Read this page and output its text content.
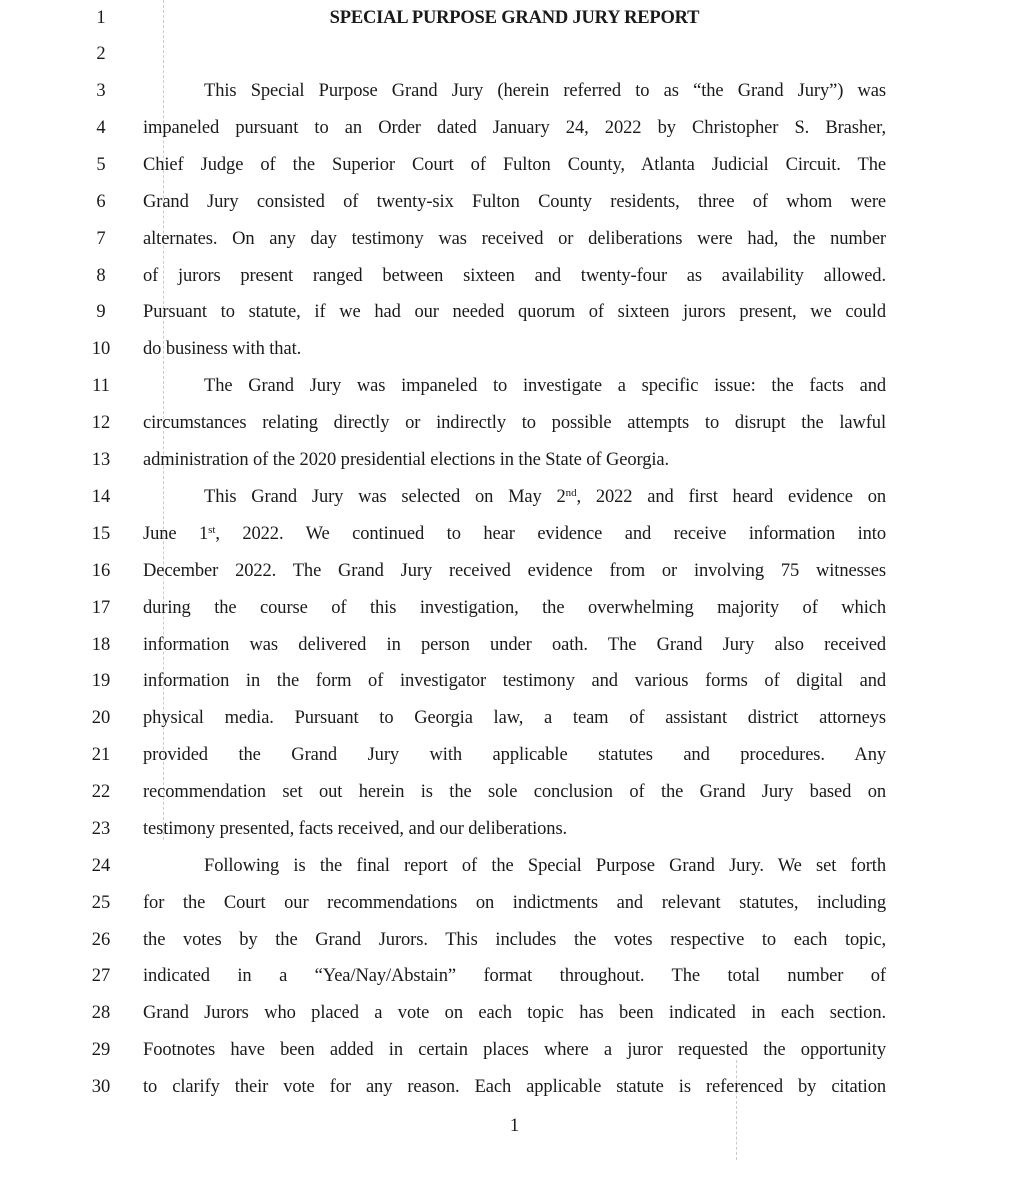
1	SPECIAL PURPOSE GRAND JURY REPORT
2
3	This Special Purpose Grand Jury (herein referred to as “the Grand Jury”) was
4	impaneled pursuant to an Order dated January 24, 2022 by Christopher S. Brasher,
5	Chief Judge of the Superior Court of Fulton County, Atlanta Judicial Circuit. The
6	Grand Jury consisted of twenty-six Fulton County residents, three of whom were
7	alternates. On any day testimony was received or deliberations were had, the number
8	of jurors present ranged between sixteen and twenty-four as availability allowed.
9	Pursuant to statute, if we had our needed quorum of sixteen jurors present, we could
10	do business with that.
11	The Grand Jury was impaneled to investigate a specific issue: the facts and
12	circumstances relating directly or indirectly to possible attempts to disrupt the lawful
13	administration of the 2020 presidential elections in the State of Georgia.
14	This Grand Jury was selected on May 2nd, 2022 and first heard evidence on
15	June 1st, 2022. We continued to hear evidence and receive information into
16	December 2022. The Grand Jury received evidence from or involving 75 witnesses
17	during the course of this investigation, the overwhelming majority of which
18	information was delivered in person under oath. The Grand Jury also received
19	information in the form of investigator testimony and various forms of digital and
20	physical media. Pursuant to Georgia law, a team of assistant district attorneys
21	provided the Grand Jury with applicable statutes and procedures. Any
22	recommendation set out herein is the sole conclusion of the Grand Jury based on
23	testimony presented, facts received, and our deliberations.
24	Following is the final report of the Special Purpose Grand Jury. We set forth
25	for the Court our recommendations on indictments and relevant statutes, including
26	the votes by the Grand Jurors. This includes the votes respective to each topic,
27	indicated in a “Yea/Nay/Abstain” format throughout. The total number of
28	Grand Jurors who placed a vote on each topic has been indicated in each section.
29	Footnotes have been added in certain places where a juror requested the opportunity
30	to clarify their vote for any reason. Each applicable statute is referenced by citation
1
